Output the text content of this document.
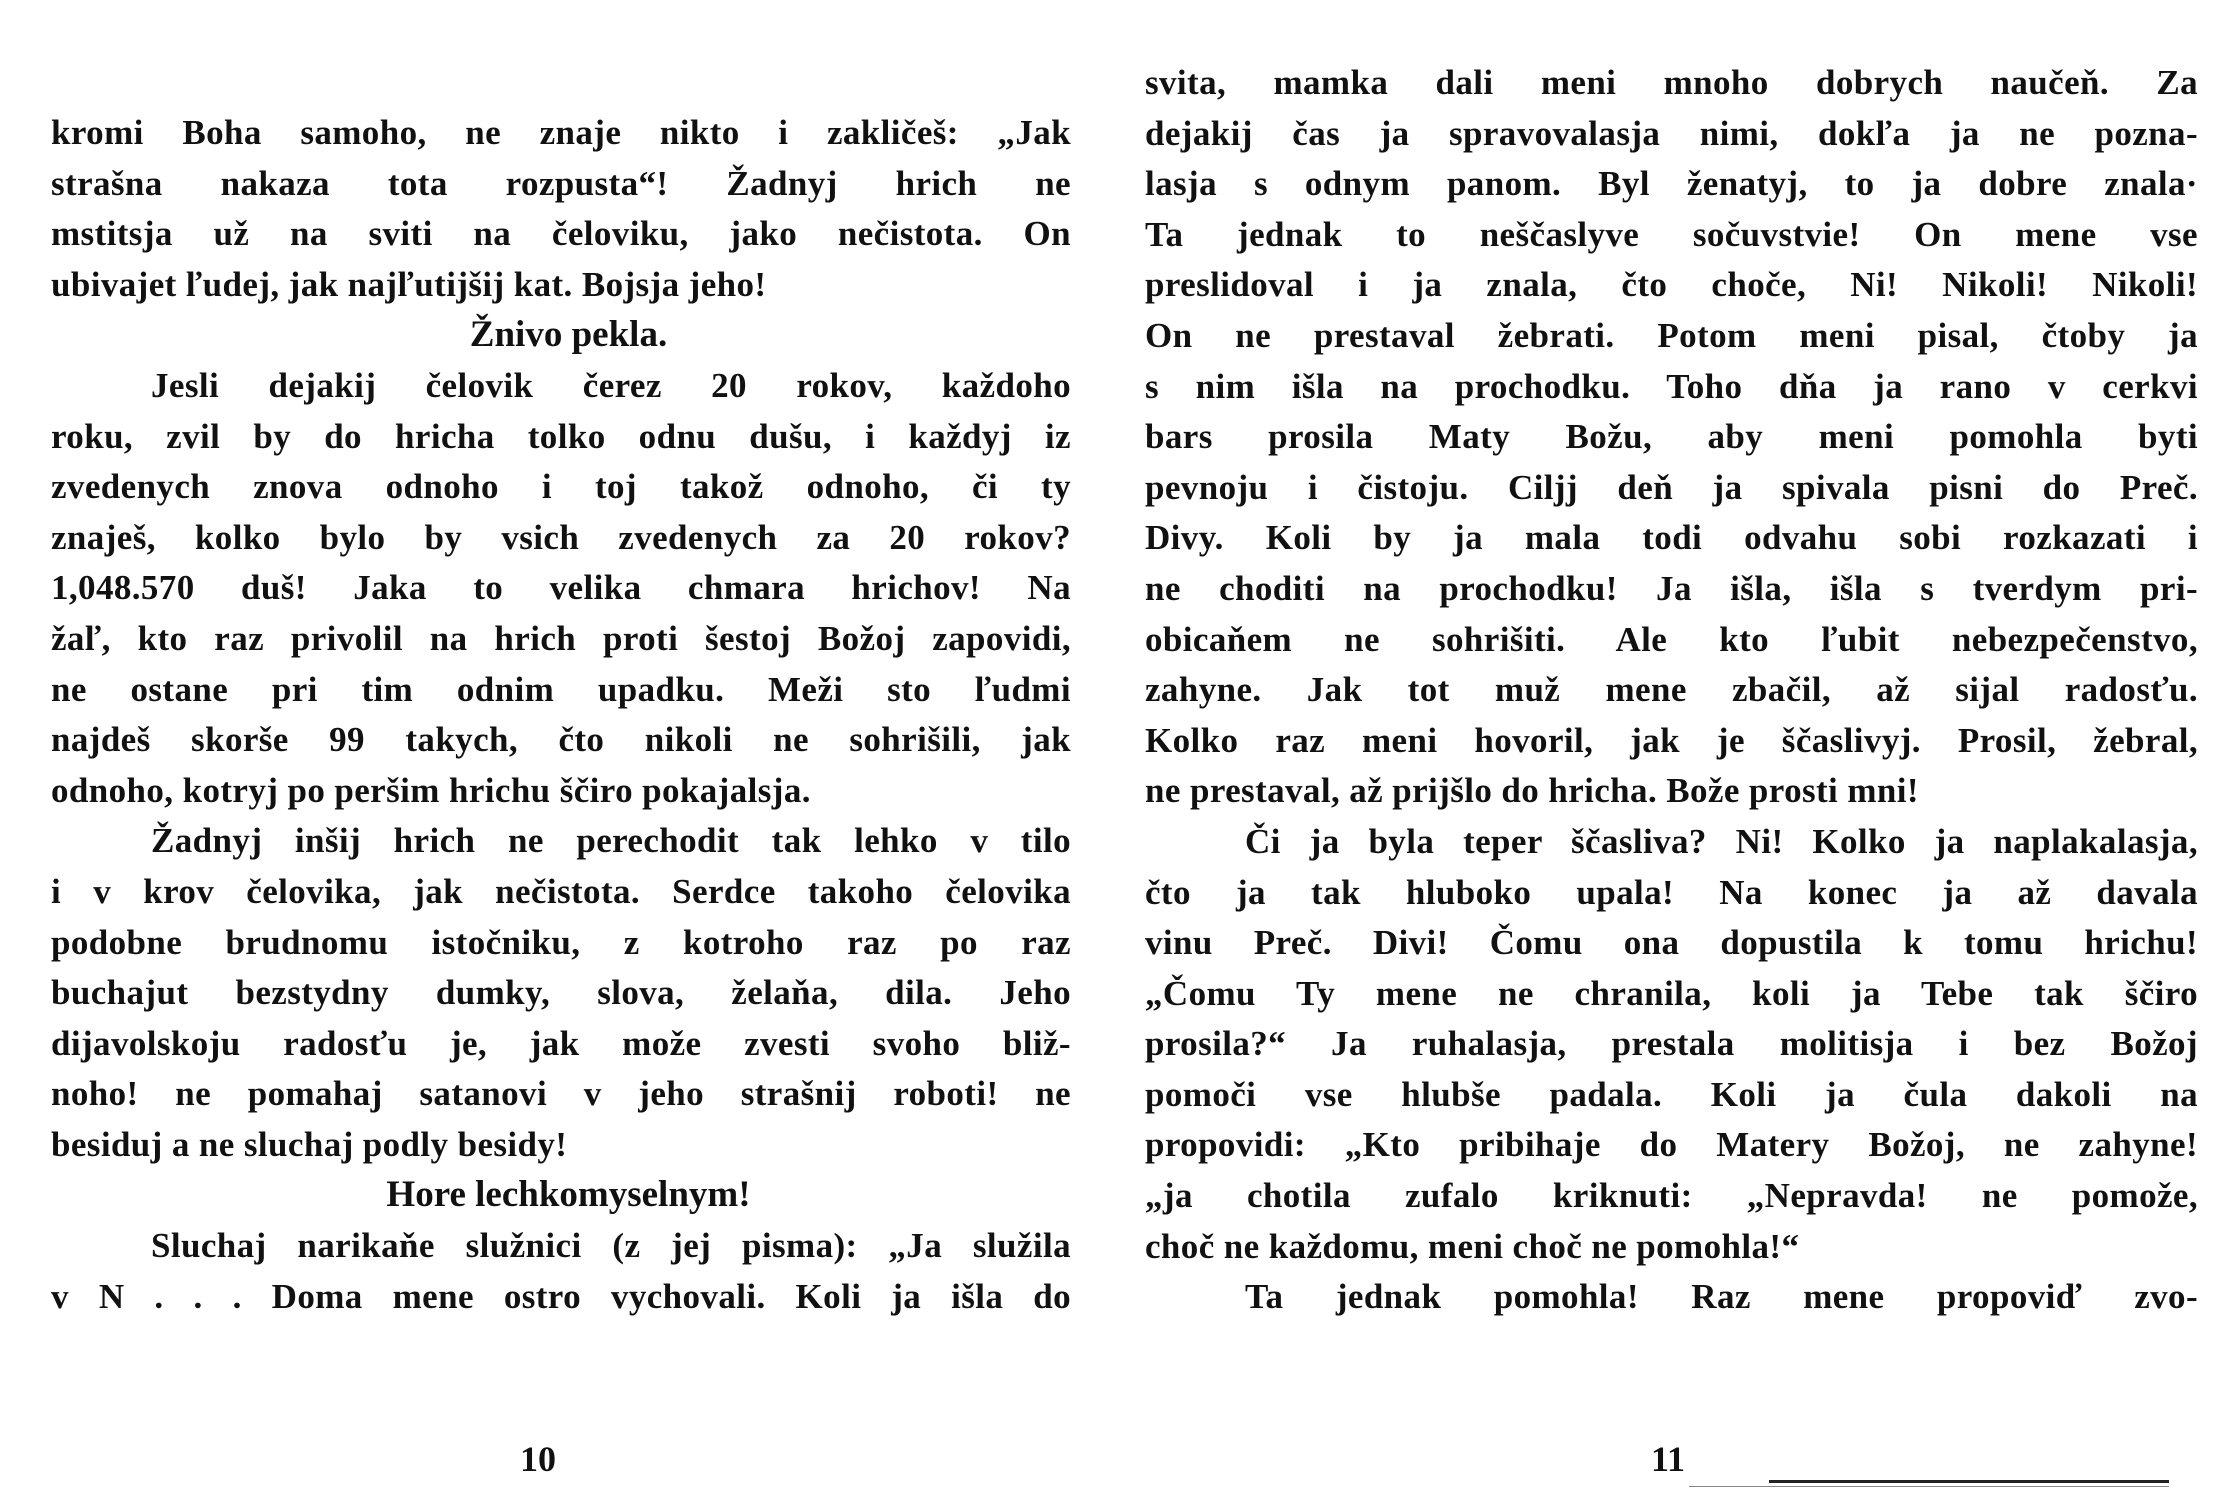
kromi Boha samoho, ne znaje nikto i zakličeš: „Jak
strašna nakaza tota rozpusta“! Žadnyj hrich ne
mstitsja už na sviti na čeloviku, jako nečistota. On
ubivajet ľudej, jak najľutijšij kat. Bojsja jeho!
Žnivo pekla.
Jesli dejakij čelovik čerez 20 rokov, každoho
roku, zvil by do hricha tolko odnu dušu, i každyj iz
zvedenych znova odnoho i toj takož odnoho, či ty
znaješ, kolko bylo by vsich zvedenych za 20 rokov?
1,048.570 duš! Jaka to velika chmara hrichov! Na
žaľ, kto raz privolil na hrich proti šestoj Božoj zapovidi,
ne ostane pri tim odnim upadku. Meži sto ľudmi
najdeš skorše 99 takych, čto nikoli ne sohrišili, jak
odnoho, kotryj po peršim hrichu ščiro pokajalsja.
Žadnyj inšij hrich ne perechodit tak lehko v tilo
i v krov čelovika, jak nečistota. Serdce takoho čelovika
podobne brudnomu istočniku, z kotroho raz po raz
buchajut bezstydny dumky, slova, želaňa, dila. Jeho
dijavolskoju radosťu je, jak može zvesti svoho bliž-
noho! ne pomahaj satanovi v jeho strašnij roboti! ne
besiduj a ne sluchaj podly besidy!
Hore lechkomyselnym!
Sluchaj narikaňe služnici (z jej pisma): „Ja služila
v N . . . Doma mene ostro vychovali. Koli ja išla do
10
svita, mamka dali meni mnoho dobrych naučeň. Za
dejakij čas ja spravovalasja nimi, dokľa ja ne pozna-
lasja s odnym panom. Byl ženatyj, to ja dobre znala·
Ta jednak to neščaslyve sočuvstvie! On mene vse
preslidoval i ja znala, čto choče, Ni! Nikoli! Nikoli!
On ne prestaval žebrati. Potom meni pisal, čtoby ja
s nim išla na prochodku. Toho dňa ja rano v cerkvi
bars prosila Maty Božu, aby meni pomohla byti
pevnoju i čistoju. Ciljj deň ja spivala pisni do Preč.
Divy. Koli by ja mala todi odvahu sobi rozkazati i
ne choditi na prochodku! Ja išla, išla s tverdym pri-
obicaňem ne sohrišiti. Ale kto ľubit nebezpečenstvo,
zahyne. Jak tot muž mene zbačil, až sijal radosťu.
Kolko raz meni hovoril, jak je ščaslivyj. Prosil, žebral,
ne prestaval, až prijšlo do hricha. Bože prosti mni!
Či ja byla teper ščasliva? Ni! Kolko ja naplakalasja,
čto ja tak hluboko upala! Na konec ja až davala
vinu Preč. Divi! Čomu ona dopustila k tomu hrichu!
„Čomu Ty mene ne chranila, koli ja Tebe tak ščiro
prosila?“ Ja ruhalasja, prestala molitisja i bez Božoj
pomoči vse hlubše padala. Koli ja čula dakoli na
propovidi: „Kto pribihaje do Matery Božoj, ne zahyne!
„ja chotila zufalo kriknuti: „Nepravda! ne pomože,
choč ne každomu, meni choč ne pomohla!“
Ta jednak pomohla! Raz mene propoviď zvo-
11
